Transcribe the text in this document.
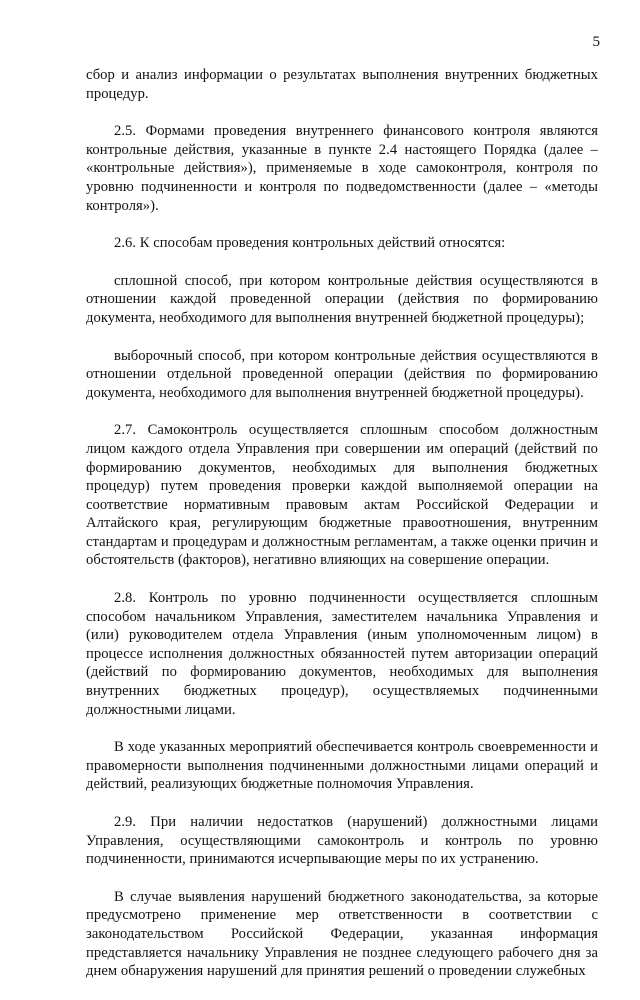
5

сбор и анализ информации о результатах выполнения внутренних бюджетных процедур.

2.5. Формами проведения внутреннего финансового контроля являются контрольные действия, указанные в пункте 2.4 настоящего Порядка (далее – «контрольные действия»), применяемые в ходе самоконтроля, контроля по уровню подчиненности и контроля по подведомственности (далее – «методы контроля»).

2.6. К способам проведения контрольных действий относятся:

сплошной способ, при котором контрольные действия осуществляются в отношении каждой проведенной операции (действия по формированию документа, необходимого для выполнения внутренней бюджетной процедуры);

выборочный способ, при котором контрольные действия осуществляются в отношении отдельной проведенной операции (действия по формированию документа, необходимого для выполнения внутренней бюджетной процедуры).

2.7. Самоконтроль осуществляется сплошным способом должностным лицом каждого отдела Управления при совершении им операций (действий по формированию документов, необходимых для выполнения бюджетных процедур) путем проведения проверки каждой выполняемой операции на соответствие нормативным правовым актам Российской Федерации и Алтайского края, регулирующим бюджетные правоотношения, внутренним стандартам и процедурам и должностным регламентам, а также оценки причин и обстоятельств (факторов), негативно влияющих на совершение операции.

2.8. Контроль по уровню подчиненности осуществляется сплошным способом начальником Управления, заместителем начальника Управления и (или) руководителем отдела Управления (иным уполномоченным лицом) в процессе исполнения должностных обязанностей путем авторизации операций (действий по формированию документов, необходимых для выполнения внутренних бюджетных процедур), осуществляемых подчиненными должностными лицами.

В ходе указанных мероприятий обеспечивается контроль своевременности и правомерности выполнения подчиненными должностными лицами операций и действий, реализующих бюджетные полномочия Управления.

2.9. При наличии недостатков (нарушений) должностными лицами Управления, осуществляющими самоконтроль и контроль по уровню подчиненности, принимаются исчерпывающие меры по их устранению.

В случае выявления нарушений бюджетного законодательства, за которые предусмотрено применение мер ответственности в соответствии с законодательством Российской Федерации, указанная информация представляется начальнику Управления не позднее следующего рабочего дня за днем обнаружения нарушений для принятия решений о проведении служебных
